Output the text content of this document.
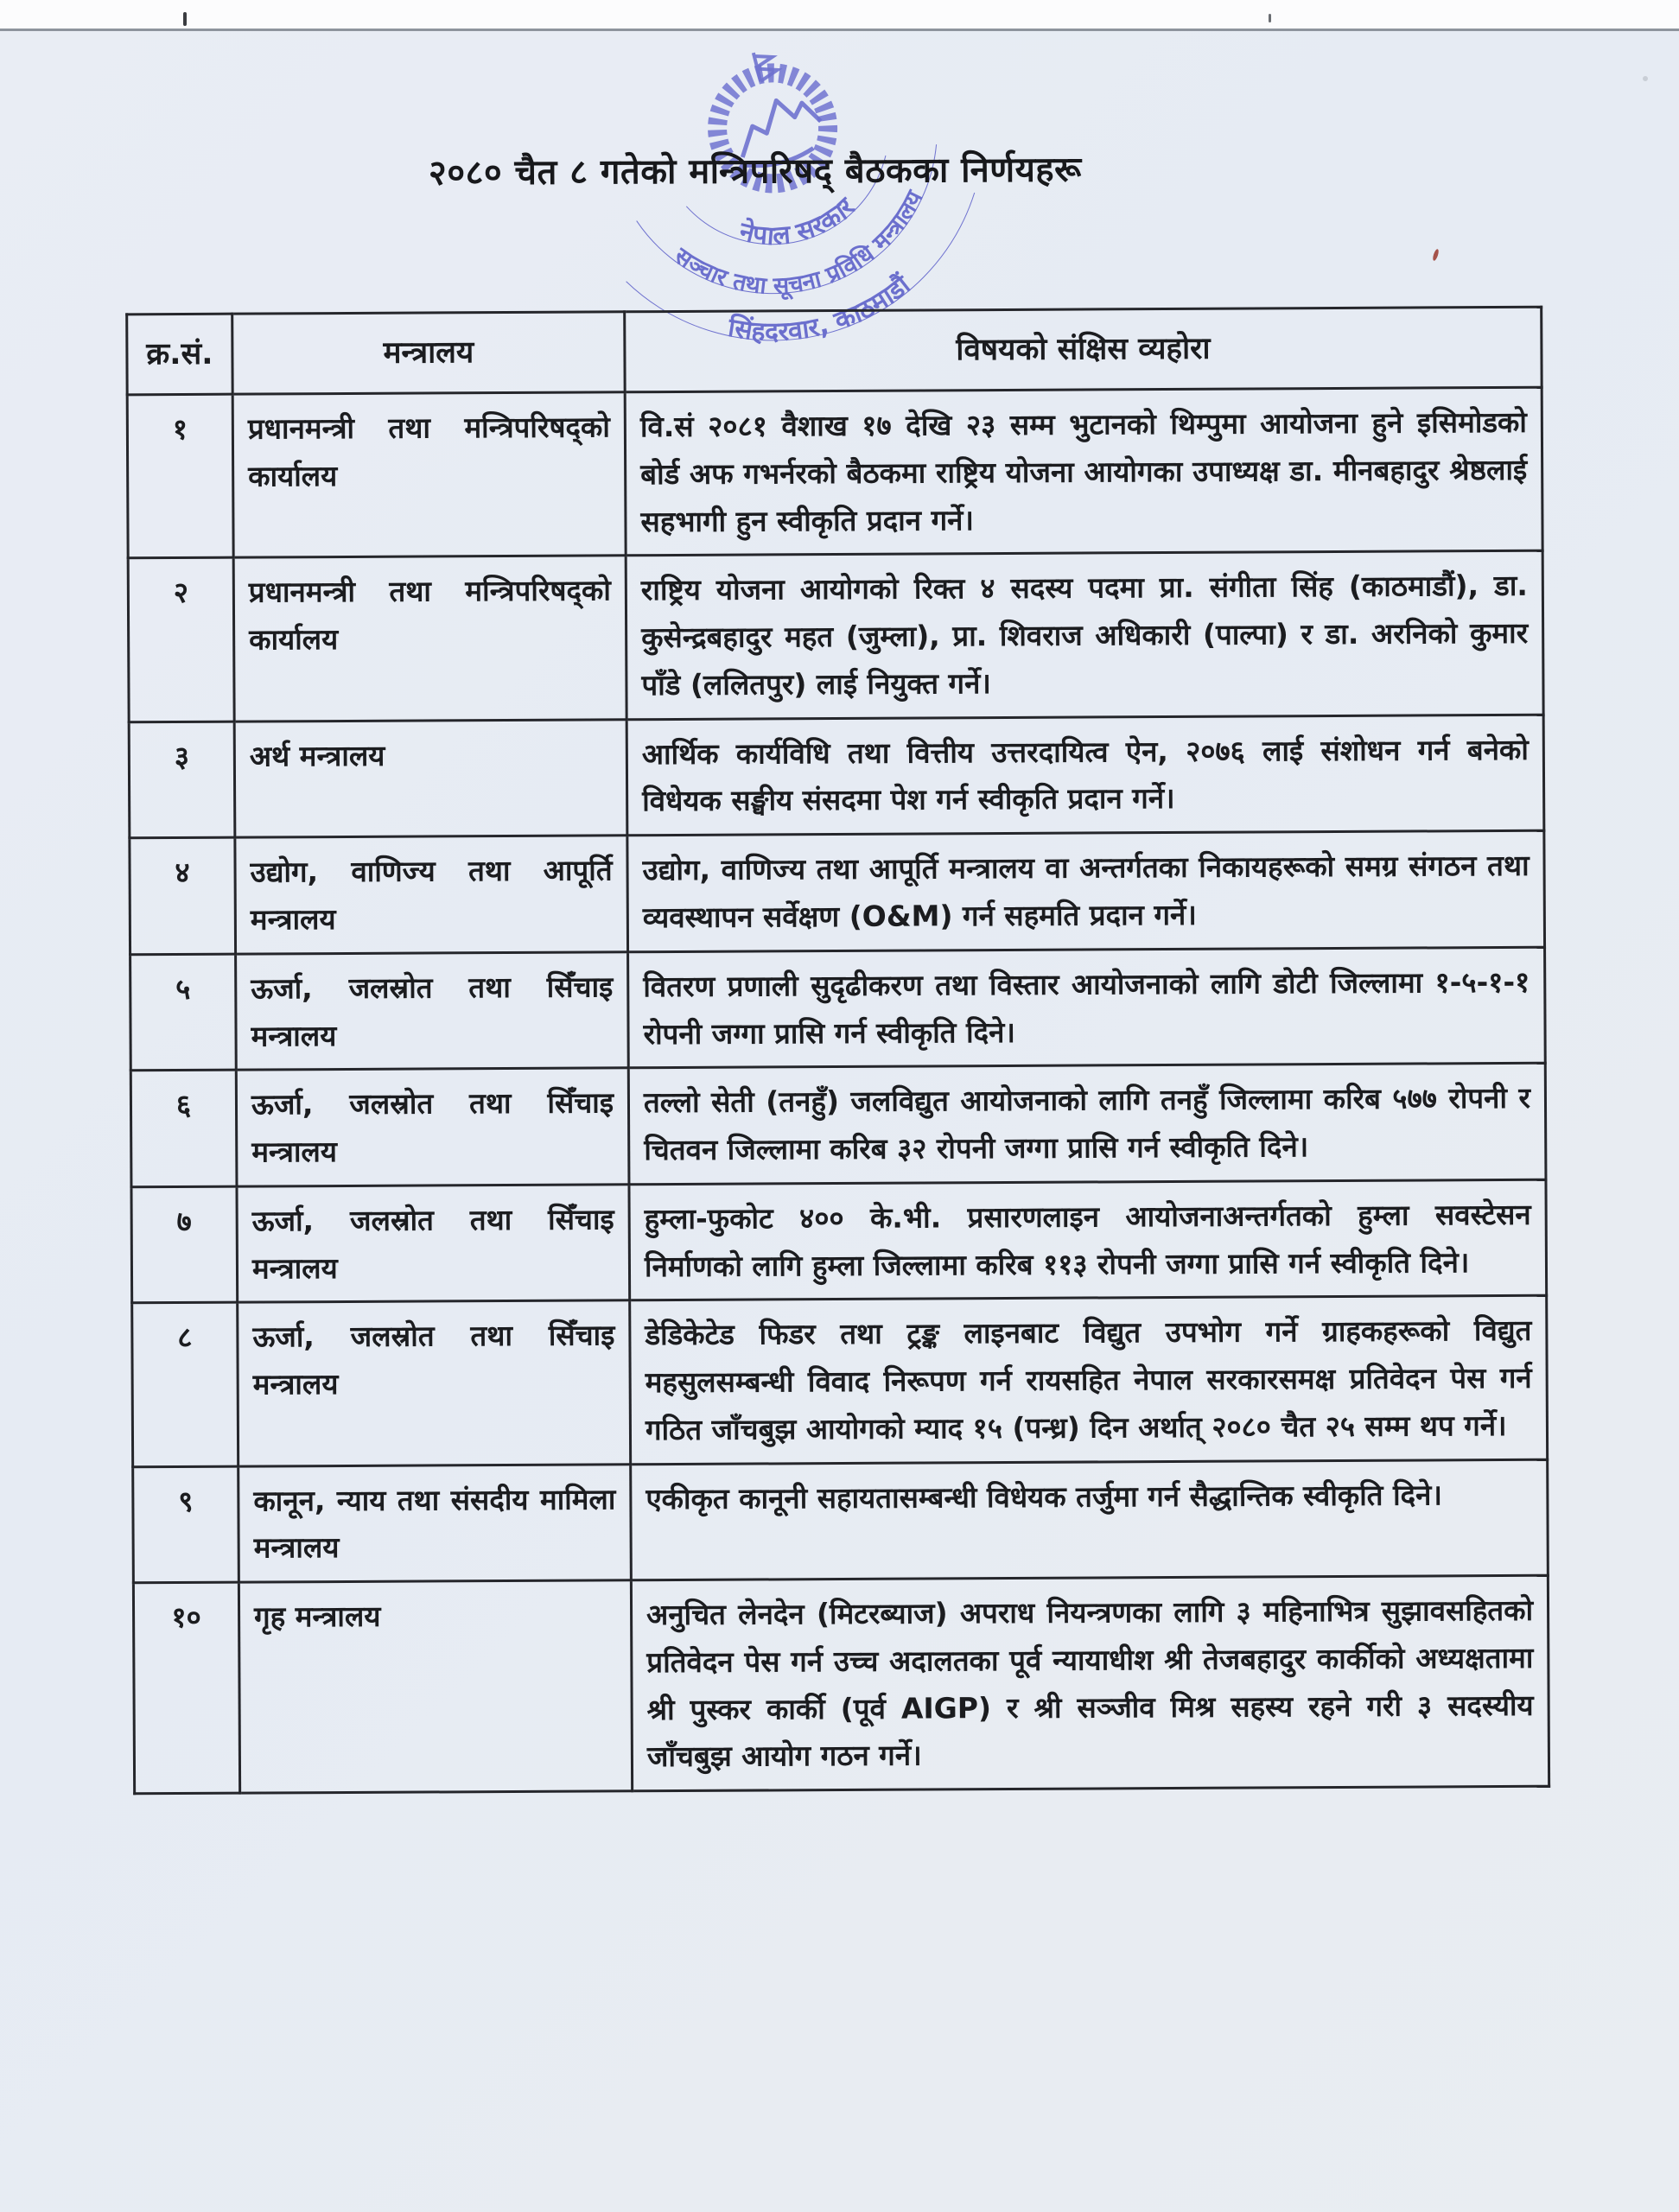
नेपाल सरकार
सञ्चार तथा सूचना प्रविधि मन्त्रालय
सिंहदरवार, काठमाडौं
२०८० चैत ८ गतेको मन्त्रिपरिषद् बैठकका निर्णयहरू
क्र.सं.	मन्त्रालय	विषयको संक्षिस व्यहोरा
१	प्रधानमन्त्री तथा मन्त्रिपरिषद्को कार्यालय	वि.सं २०८१ वैशाख १७ देखि २३ सम्म भुटानको थिम्पुमा आयोजना हुने इसिमोडको बोर्ड अफ गभर्नरको बैठकमा राष्ट्रिय योजना आयोगका उपाध्यक्ष डा. मीनबहादुर श्रेष्ठलाई सहभागी हुन स्वीकृति प्रदान गर्ने।
२	प्रधानमन्त्री तथा मन्त्रिपरिषद्को कार्यालय	राष्ट्रिय योजना आयोगको रिक्त ४ सदस्य पदमा प्रा. संगीता सिंह (काठमाडौं), डा. कुसेन्द्रबहादुर महत (जुम्ला), प्रा. शिवराज अधिकारी (पाल्पा) र डा. अरनिको कुमार पाँडे (ललितपुर) लाई नियुक्त गर्ने।
३	अर्थ मन्त्रालय	आर्थिक कार्यविधि तथा वित्तीय उत्तरदायित्व ऐन, २०७६ लाई संशोधन गर्न बनेको विधेयक सङ्घीय संसदमा पेश गर्न स्वीकृति प्रदान गर्ने।
४	उद्योग, वाणिज्य तथा आपूर्ति मन्त्रालय	उद्योग, वाणिज्य तथा आपूर्ति मन्त्रालय वा अन्तर्गतका निकायहरूको समग्र संगठन तथा व्यवस्थापन सर्वेक्षण (O&M) गर्न सहमति प्रदान गर्ने।
५	ऊर्जा, जलस्रोत तथा सिँचाइ मन्त्रालय	वितरण प्रणाली सुदृढीकरण तथा विस्तार आयोजनाको लागि डोटी जिल्लामा १-५-१-१ रोपनी जग्गा प्रासि गर्न स्वीकृति दिने।
६	ऊर्जा, जलस्रोत तथा सिँचाइ मन्त्रालय	तल्लो सेती (तनहुँ) जलविद्युत आयोजनाको लागि तनहुँ जिल्लामा करिब ५७७ रोपनी र चितवन जिल्लामा करिब ३२ रोपनी जग्गा प्रासि गर्न स्वीकृति दिने।
७	ऊर्जा, जलस्रोत तथा सिँचाइ मन्त्रालय	हुम्ला-फुकोट ४०० के.भी. प्रसारणलाइन आयोजनाअन्तर्गतको हुम्ला सवस्टेसन निर्माणको लागि हुम्ला जिल्लामा करिब ११३ रोपनी जग्गा प्रासि गर्न स्वीकृति दिने।
८	ऊर्जा, जलस्रोत तथा सिँचाइ मन्त्रालय	डेडिकेटेड फिडर तथा ट्रङ्क लाइनबाट विद्युत उपभोग गर्ने ग्राहकहरूको विद्युत महसुलसम्बन्धी विवाद निरूपण गर्न रायसहित नेपाल सरकारसमक्ष प्रतिवेदन पेस गर्न गठित जाँचबुझ आयोगको म्याद १५ (पन्ध्र) दिन अर्थात् २०८० चैत २५ सम्म थप गर्ने।
९	कानून, न्याय तथा संसदीय मामिला मन्त्रालय	एकीकृत कानूनी सहायतासम्बन्धी विधेयक तर्जुमा गर्न सैद्धान्तिक स्वीकृति दिने।
१०	गृह मन्त्रालय	अनुचित लेनदेन (मिटरब्याज) अपराध नियन्त्रणका लागि ३ महिनाभित्र सुझावसहितको प्रतिवेदन पेस गर्न उच्च अदालतका पूर्व न्यायाधीश श्री तेजबहादुर कार्कीको अध्यक्षतामा श्री पुस्कर कार्की (पूर्व AIGP) र श्री सञ्जीव मिश्र सहस्य रहने गरी ३ सदस्यीय जाँचबुझ आयोग गठन गर्ने।
